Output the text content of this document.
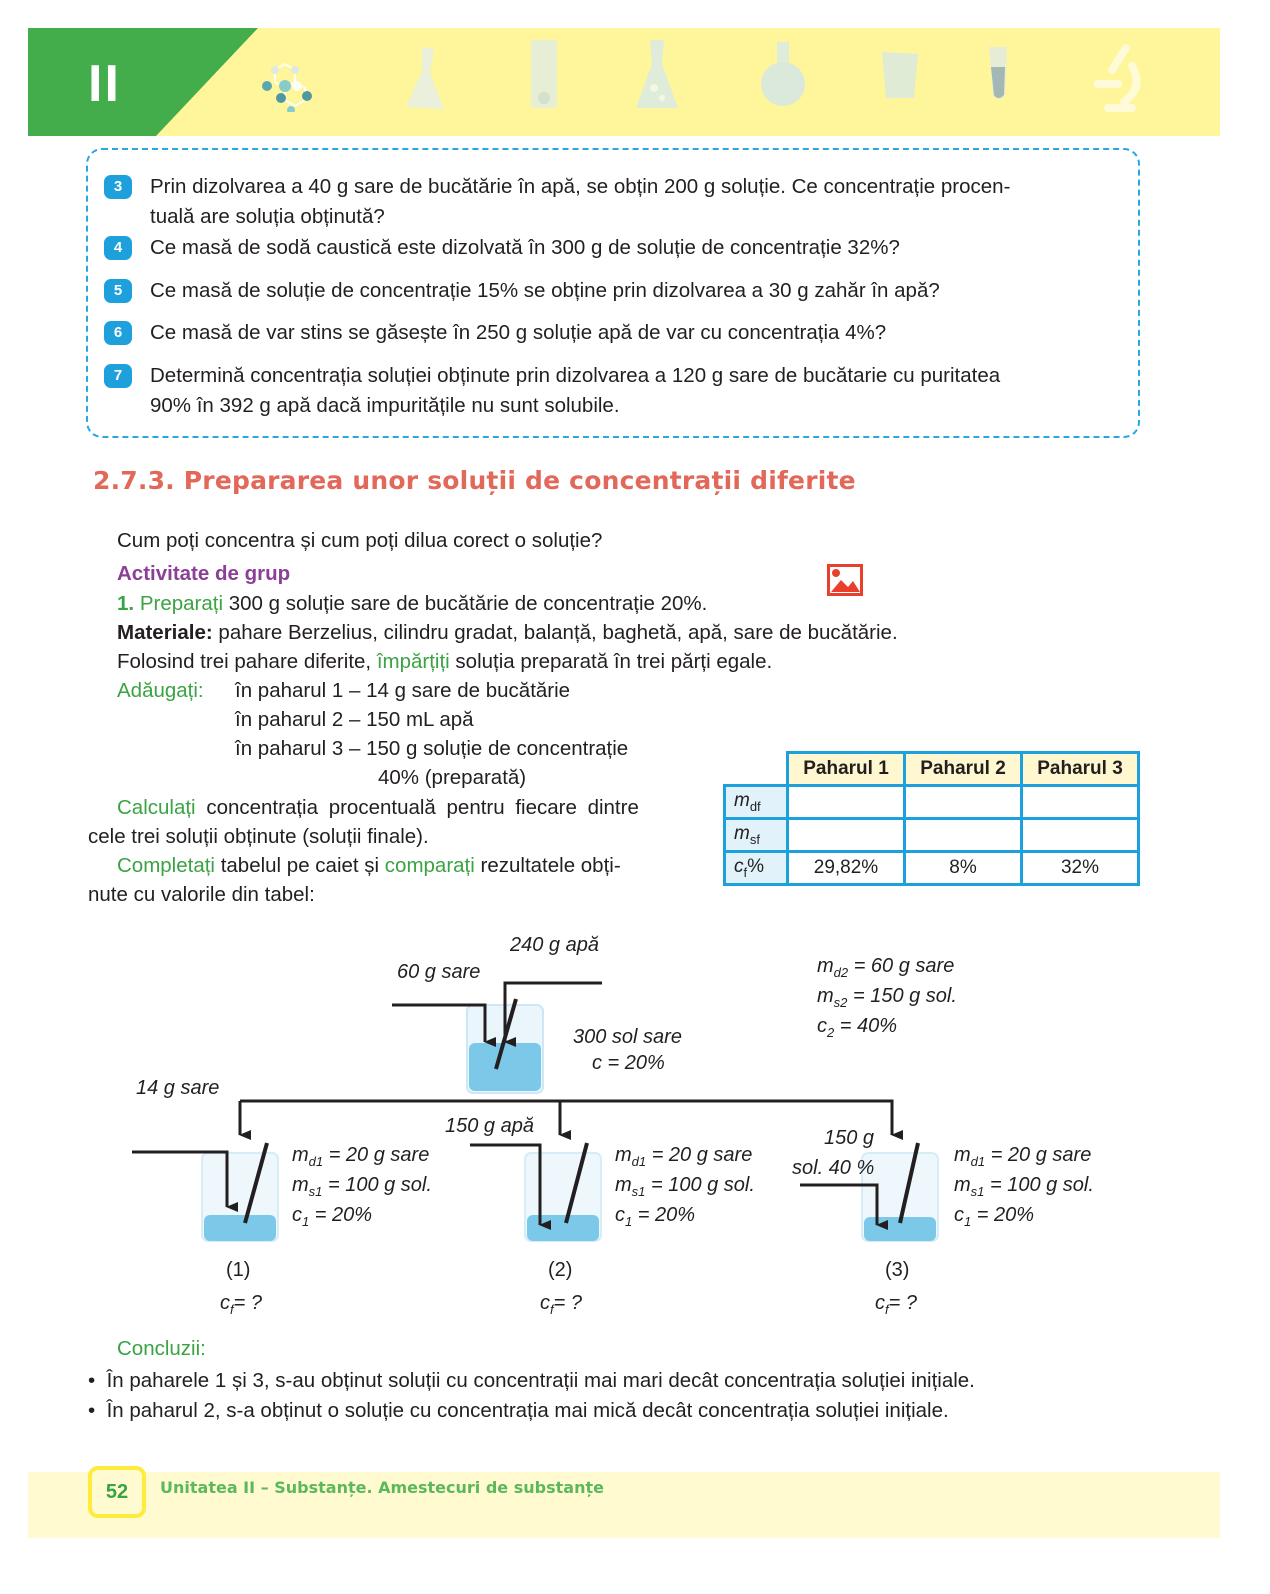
II
3	Prin dizolvarea a 40 g sare de bucătărie în apă, se obțin 200 g soluție. Ce concentrație procen-
tuală are soluția obținută?
4	Ce masă de sodă caustică este dizolvată în 300 g de soluție de concentrație 32%?
5	Ce masă de soluție de concentrație 15% se obține prin dizolvarea a 30 g zahăr în apă?
6	Ce masă de var stins se găsește în 250 g soluție apă de var cu concentrația 4%?
7	Determină concentrația soluției obținute prin dizolvarea a 120 g sare de bucătarie cu puritatea
90% în 392 g apă dacă impuritățile nu sunt solubile.
2.7.3. Prepararea unor soluții de concentrații diferite
Cum poți concentra și cum poți dilua corect o soluție?
Activitate de grup
1. Preparați 300 g soluție sare de bucătărie de concentrație 20%.
Materiale: pahare Berzelius, cilindru gradat, balanță, baghetă, apă, sare de bucătărie.
Folosind trei pahare diferite, împărțiți soluția preparată în trei părți egale.
Adăugați: în paharul 1 – 14 g sare de bucătărie
în paharul 2 – 150 mL apă
în paharul 3 – 150 g soluție de concentrație
40% (preparată)
Calculați concentrația procentuală pentru fiecare dintre
cele trei soluții obținute (soluții finale).
Completați tabelul pe caiet și comparați rezultatele obți-
nute cu valorile din tabel:
	Paharul 1	Paharul 2	Paharul 3
$m_{df}$			
$m_{sf}$			
$c_f\%$	29,82%	8%	32%
60 g sare
240 g apă
300 sol sare
c = 20%
$m_{d2} = 60$ g sare
$m_{s2} = 150$ g sol.
$c_2 = 40\%$
14 g sare
$m_{d1} = 20$ g sare
$m_{s1} = 100$ g sol.
$c_1 = 20\%$
(1)
$c_f=$ ?
150 g apă
$m_{d1} = 20$ g sare
$m_{s1} = 100$ g sol.
$c_1 = 20\%$
(2)
$c_f=$ ?
150 g
sol. 40 %
$m_{d1} = 20$ g sare
$m_{s1} = 100$ g sol.
$c_1 = 20\%$
(3)
$c_f=$ ?
Concluzii:
•  În paharele 1 și 3, s-au obținut soluții cu concentrații mai mari decât concentrația soluției inițiale.
•  În paharul 2, s-a obținut o soluție cu concentrația mai mică decât concentrația soluției inițiale.
52	Unitatea II – Substanțe. Amestecuri de substanțe
